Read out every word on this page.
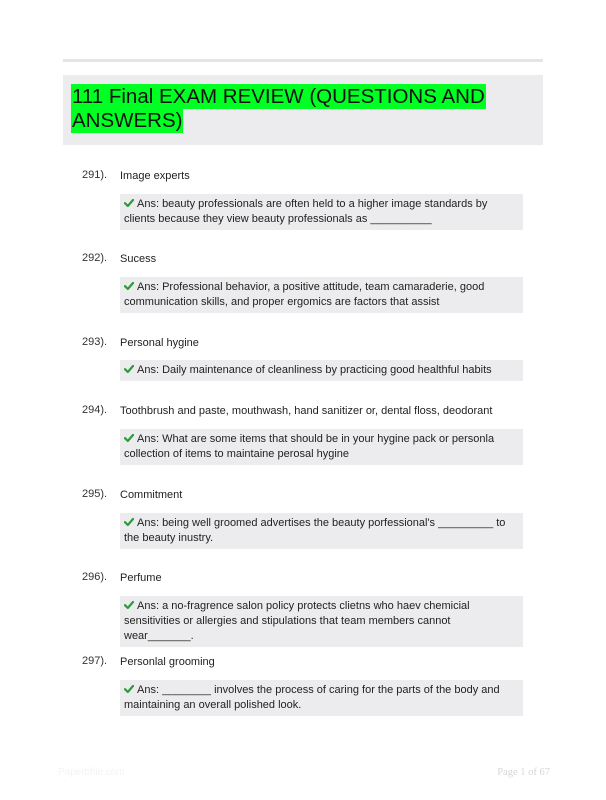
111 Final EXAM REVIEW (QUESTIONS AND ANSWERS)
291). Image experts
Ans: beauty professionals are often held to a higher image standards by clients because they view beauty professionals as __________
292). Sucess
Ans: Professional behavior, a positive attitude, team camaraderie, good communication skills, and proper ergomics are factors that assist
293). Personal hygine
Ans: Daily maintenance of cleanliness by practicing good healthful habits
294). Toothbrush and paste, mouthwash, hand sanitizer or, dental floss, deodorant
Ans: What are some items that should be in your hygine pack or personla collection of items to maintaine perosal hygine
295). Commitment
Ans: being well groomed advertises the beauty porfessional's _________ to the beauty inustry.
296). Perfume
Ans: a no-fragrence salon policy protects clietns who haev chemicial sensitivities or allergies and stipulations that team members cannot wear_______.
297). Personlal grooming
Ans: ________ involves the process of caring for the parts of the body and maintaining an overall polished look.
Paperbfile.com	Page 1 of 67
